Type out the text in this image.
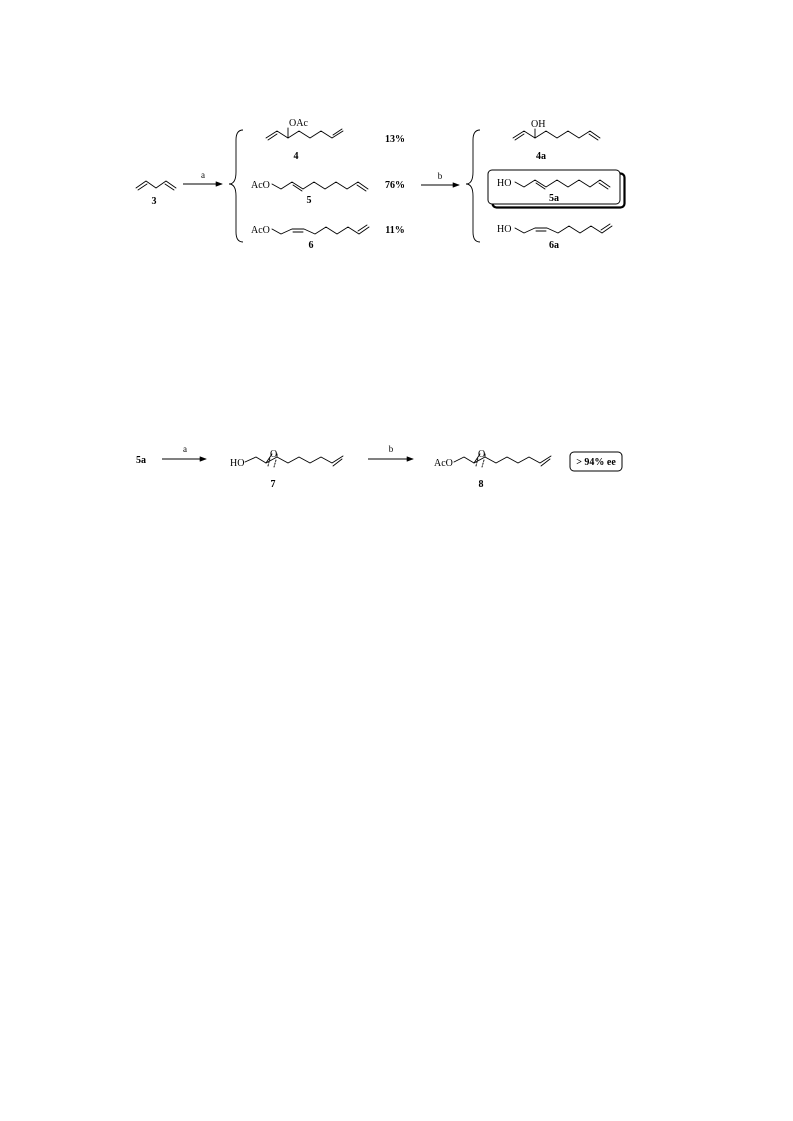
3
a
OAc
4
13%
AcO
5
76%
AcO
6
11%
b
OH
4a
HO
5a
HO
6a
5a
a
HO
O
7
b
AcO
O
8
> 94% ee
